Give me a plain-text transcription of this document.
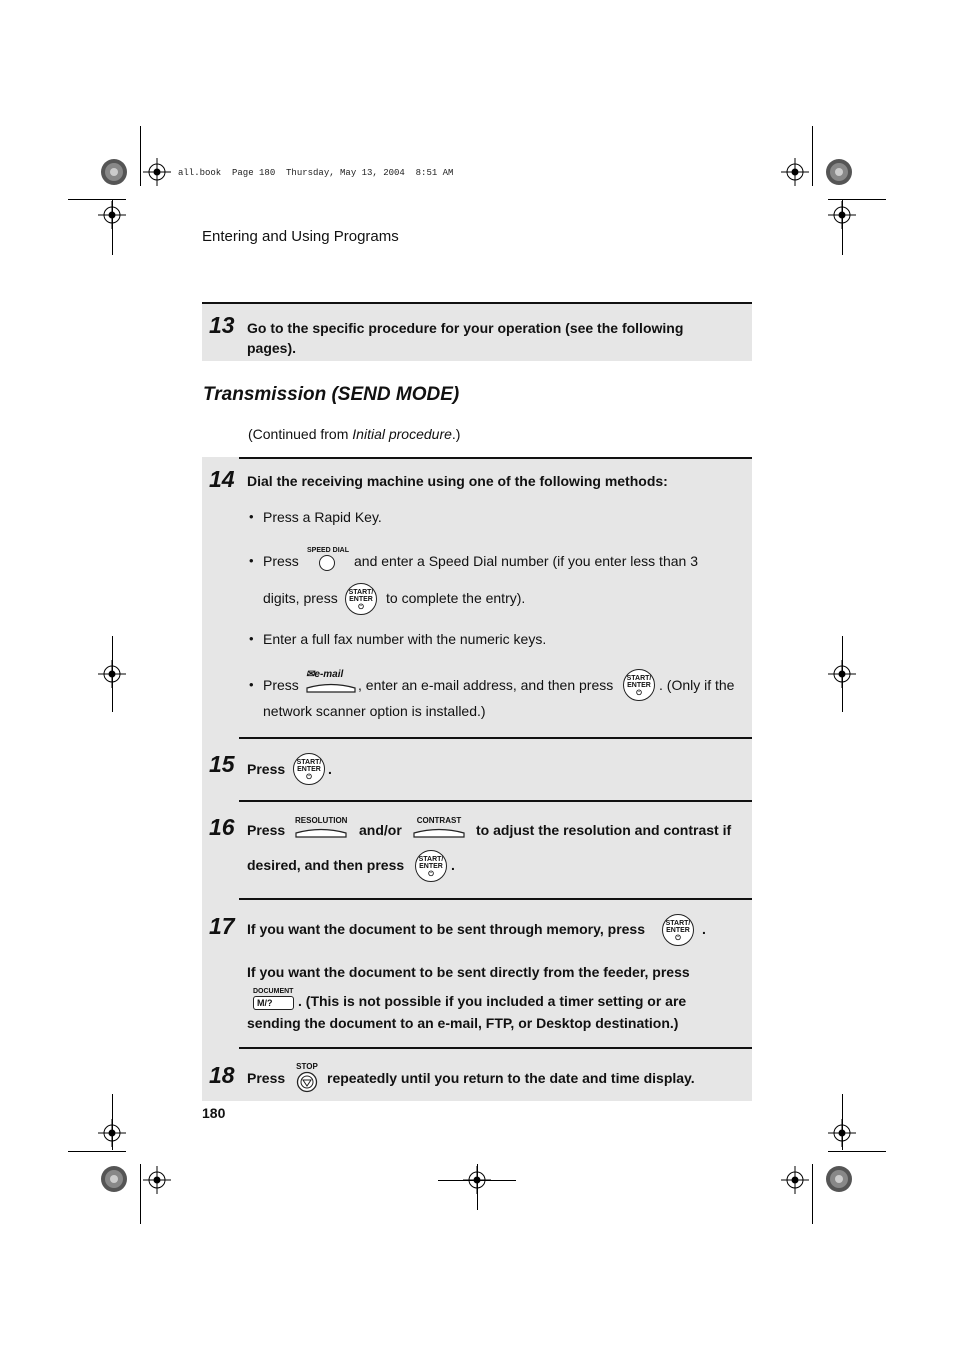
all.book  Page 180  Thursday, May 13, 2004  8:51 AM
Entering and Using Programs
13 Go to the specific procedure for your operation (see the following
pages).
Transmission (SEND MODE)
(Continued from Initial procedure.)
14 Dial the receiving machine using one of the following methods:
• Press a Rapid Key.
• Press
SPEED DIAL
and enter a Speed Dial number (if you enter less than 3
digits, press	START/
ENTER
⏻
to complete the entry).
• Enter a full fax number with the numeric keys.
• Press
✉e-mail
, enter an e-mail address, and then press	START/
ENTER
⏻
. (Only if the
network scanner option is installed.)
15 Press	START/
ENTER
⏻
.
16 Press
RESOLUTION
and/or
CONTRAST
to adjust the resolution and contrast if
desired, and then press	START/
ENTER
⏻
.
17 If you want the document to be sent through memory, press	START/
ENTER
⏻
.
If you want the document to be sent directly from the feeder, press
DOCUMENT
M/?	. (This is not possible if you included a timer setting or are
sending the document to an e-mail, FTP, or Desktop destination.)
18 Press
STOP
repeatedly until you return to the date and time display.
180
